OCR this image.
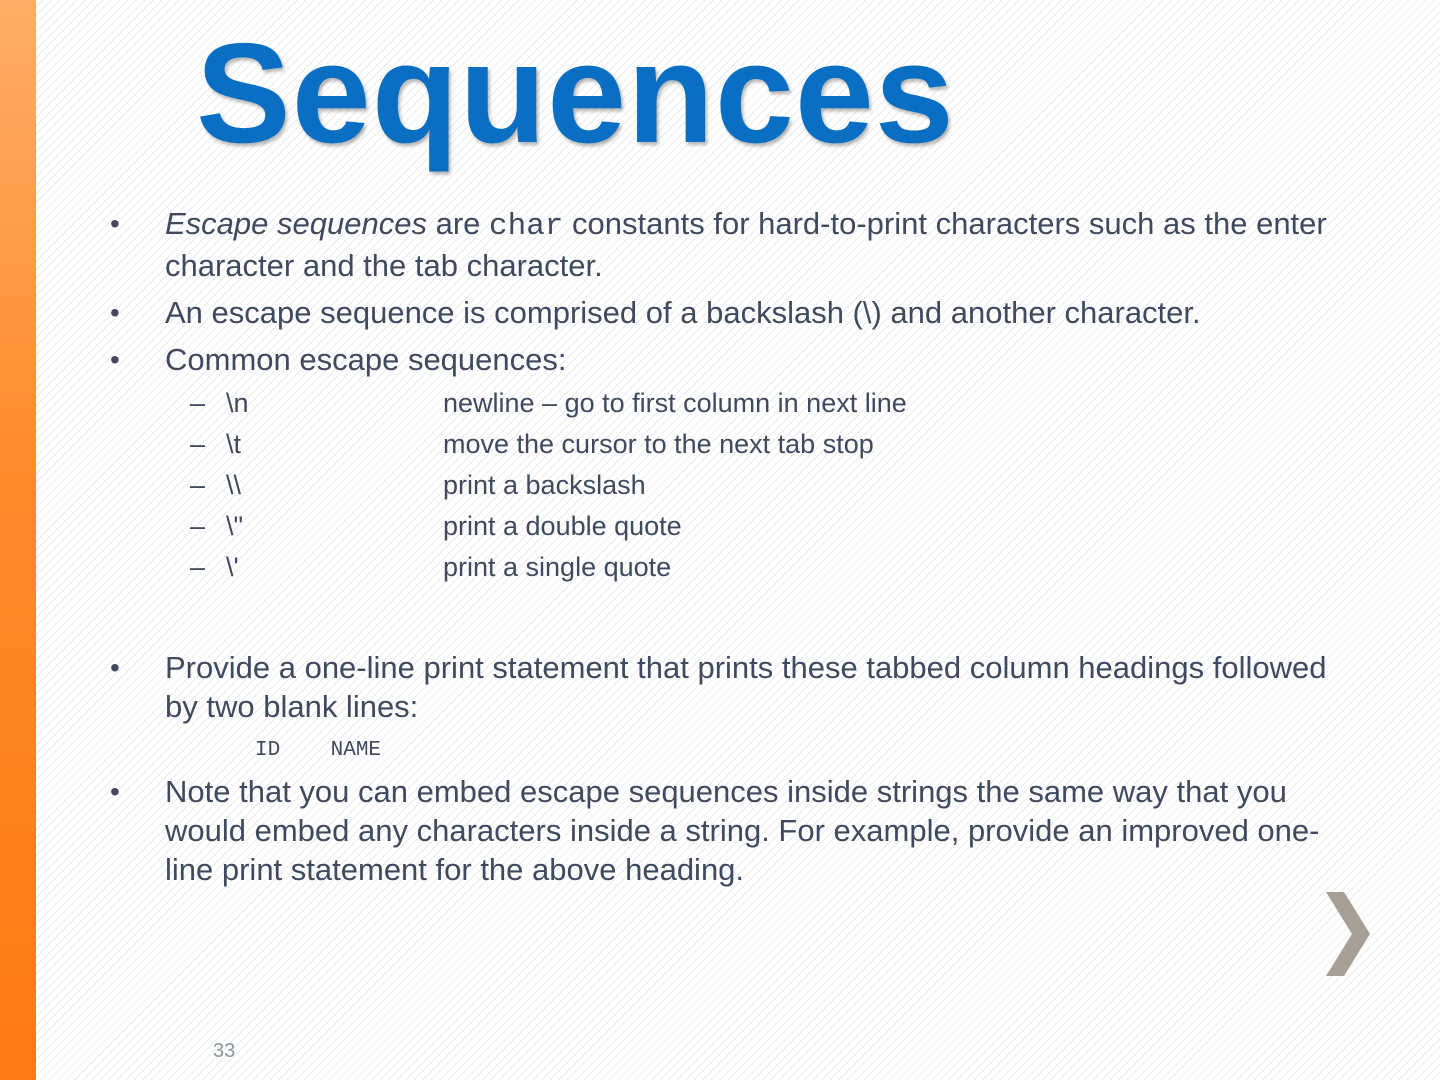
Sequences
• Escape sequences are char constants for hard-to-print characters such as the enter character and the tab character.
• An escape sequence is comprised of a backslash (\) and another character.
• Common escape sequences:
– \n	newline – go to first column in next line
– \t	move the cursor to the next tab stop
– \\	print a backslash
– \"	print a double quote
– \'	print a single quote
• Provide a one-line print statement that prints these tabbed column headings followed by two blank lines:
ID    NAME
• Note that you can embed escape sequences inside strings the same way that you would embed any characters inside a string. For example, provide an improved one-line print statement for the above heading.
33
